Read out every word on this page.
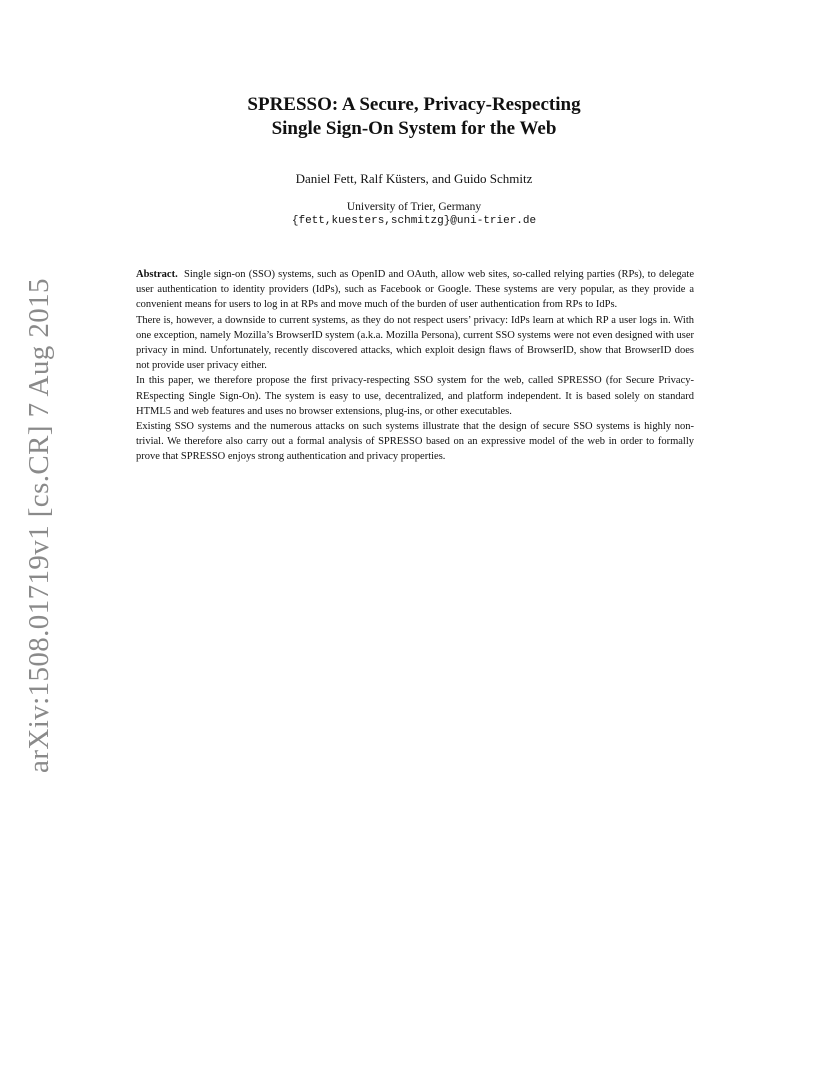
arXiv:1508.01719v1 [cs.CR] 7 Aug 2015

SPRESSO: A Secure, Privacy-Respecting

Single Sign-On System for the Web

Daniel Fett, Ralf Küsters, and Guido Schmitz
University of Trier, Germany
{fett,kuesters,schmitzg}@uni-trier.de

Abstract. Single sign-on (SSO) systems, such as OpenID and OAuth, allow web sites, so-called relying parties (RPs), to delegate user authentication to identity providers (IdPs), such as Facebook or Google. These systems are very popular, as they provide a convenient means for users to log in at RPs and move much of the burden of user authentication from RPs to IdPs.

There is, however, a downside to current systems, as they do not respect users’ privacy: IdPs learn at which RP a user logs in. With one exception, namely Mozilla’s BrowserID system (a.k.a. Mozilla Persona), current SSO systems were not even designed with user privacy in mind. Unfortunately, recently discovered attacks, which exploit design flaws of BrowserID, show that BrowserID does not provide user privacy either.

In this paper, we therefore propose the first privacy-respecting SSO system for the web, called SPRESSO (for Secure Privacy-REspecting Single Sign-On). The system is easy to use, decentralized, and platform independent. It is based solely on standard HTML5 and web features and uses no browser extensions, plug-ins, or other executables.

Existing SSO systems and the numerous attacks on such systems illustrate that the design of secure SSO systems is highly non-trivial. We therefore also carry out a formal analysis of SPRESSO based on an expressive model of the web in order to formally prove that SPRESSO enjoys strong authentication and privacy properties.
